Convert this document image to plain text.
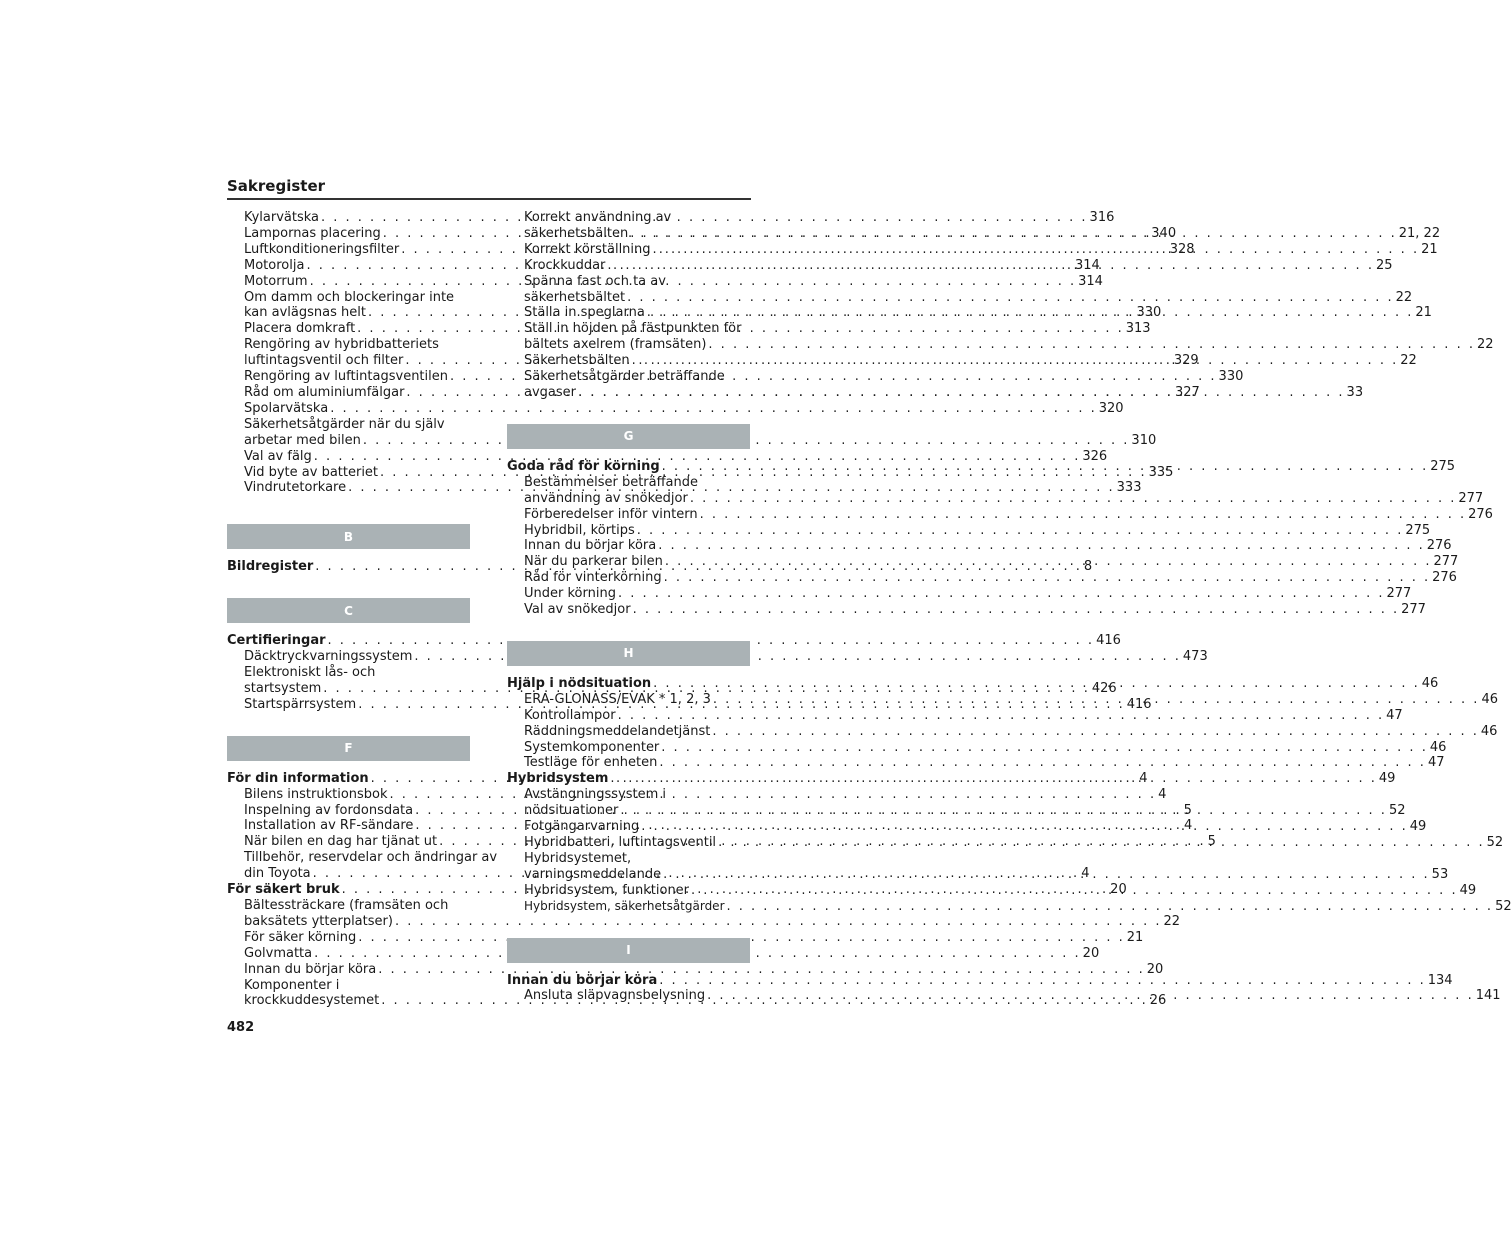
Sakregister
Kylarvätska . . .	316
Lampornas placering . . .	340
Luftkonditioneringsfilter . . .	328
Motorolja . . .	314
Motorrum . . .	314
Om damm och blockeringar inte
kan avlägsnas helt . . .	330
Placera domkraft . . .	313
Rengöring av hybridbatteriets
luftintagsventil och filter . . .	329
Rengöring av luftintagsventilen . . .	330
Råd om aluminiumfälgar . . .	327
Spolarvätska . . .	320
Säkerhetsåtgärder när du själv
arbetar med bilen . . .	310
Val av fälg . . .	326
Vid byte av batteriet . . .	335
Vindrutetorkare . . .	333
B
Bildregister . . .	8
C
Certifieringar . . .	416
Däcktryckvarningssystem . . .	473
Elektroniskt lås- och
startsystem . . .	426
Startspärrsystem . . .	416
F
För din information . . .	4
Bilens instruktionsbok . . .	4
Inspelning av fordonsdata . . .	5
Installation av RF-sändare . . .	4
När bilen en dag har tjänat ut . . .	5
Tillbehör, reservdelar och ändringar av
din Toyota . . .	4
För säkert bruk . . .	20
Bältessträckare (framsäten och
baksätets ytterplatser) . . .	22
För säker körning . . .	21
Golvmatta . . .	20
Innan du börjar köra . . .	20
Komponenter i
krockkuddesystemet . . .	26
Korrekt användning av
säkerhetsbälten . . .	21, 22
Korrekt körställning . . .	21
Krockkuddar . . .	25
Spänna fast och ta av
säkerhetsbältet . . .	22
Ställa in speglarna . . .	21
Ställ in höjden på fästpunkten för
bältets axelrem (framsäten) . . .	22
Säkerhetsbälten . . .	22
Säkerhetsåtgärder beträffande
avgaser . . .	33
G
Goda råd för körning . . .	275
Bestämmelser beträffande
användning av snökedjor . . .	277
Förberedelser inför vintern . . .	276
Hybridbil, körtips . . .	275
Innan du börjar köra . . .	276
När du parkerar bilen . . .	277
Råd för vinterkörning . . .	276
Under körning . . .	277
Val av snökedjor . . .	277
H
Hjälp i nödsituation . . .	46
ERA-GLONASS/EVAK * 1, 2, 3 . . .	46
Kontrollampor . . .	47
Räddningsmeddelandetjänst . . .	46
Systemkomponenter . . .	46
Testläge för enheten . . .	47
Hybridsystem . . .	49
Avstängningssystem i
nödsituationer . . .	52
Fotgängarvarning . . .	49
Hybridbatteri, luftintagsventil . . .	52
Hybridsystemet,
varningsmeddelande . . .	53
Hybridsystem, funktioner . . .	49
Hybridsystem, säkerhetsåtgärder . . .	52
I
Innan du börjar köra . . .	134
Ansluta släpvagnsbelysning . . .	141
482
